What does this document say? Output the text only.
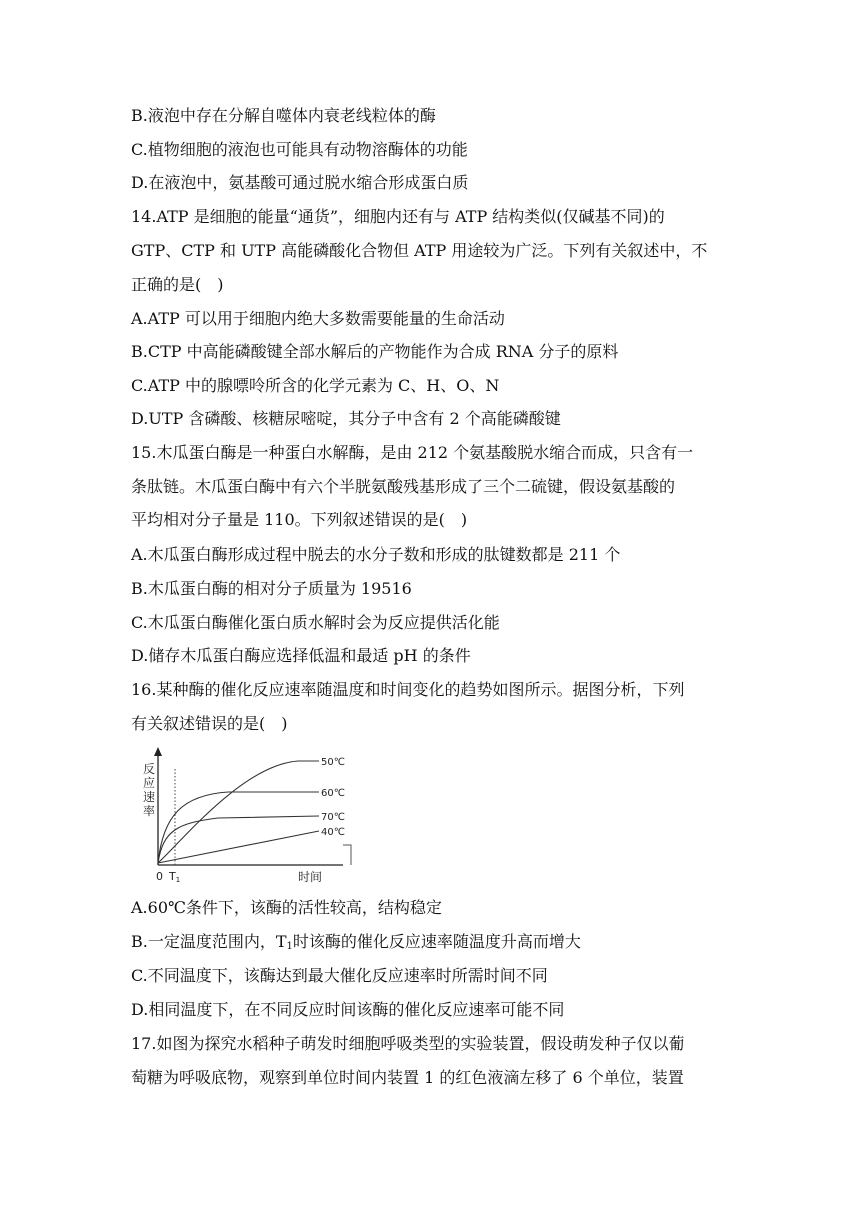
B.液泡中存在分解自噬体内衰老线粒体的酶
C.植物细胞的液泡也可能具有动物溶酶体的功能
D.在液泡中，氨基酸可通过脱水缩合形成蛋白质
14.ATP 是细胞的能量“通货”，细胞内还有与 ATP 结构类似(仅碱基不同)的
GTP、CTP 和 UTP 高能磷酸化合物但 ATP 用途较为广泛。下列有关叙述中，不
正确的是(　)
A.ATP 可以用于细胞内绝大多数需要能量的生命活动
B.CTP 中高能磷酸键全部水解后的产物能作为合成 RNA 分子的原料
C.ATP 中的腺嘌呤所含的化学元素为 C、H、O、N
D.UTP 含磷酸、核糖尿嘧啶，其分子中含有 2 个高能磷酸键
15.木瓜蛋白酶是一种蛋白水解酶，是由 212 个氨基酸脱水缩合而成，只含有一
条肽链。木瓜蛋白酶中有六个半胱氨酸残基形成了三个二硫键，假设氨基酸的
平均相对分子量是 110。下列叙述错误的是(　)
A.木瓜蛋白酶形成过程中脱去的水分子数和形成的肽键数都是 211 个
B.木瓜蛋白酶的相对分子质量为 19516
C.木瓜蛋白酶催化蛋白质水解时会为反应提供活化能
D.储存木瓜蛋白酶应选择低温和最适 pH 的条件
16.某种酶的催化反应速率随温度和时间变化的趋势如图所示。据图分析，下列
有关叙述错误的是(　)
50℃
60℃
70℃
40℃
反
应
速
率
0 T1	时间
A.60℃条件下，该酶的活性较高，结构稳定
B.一定温度范围内，$T_1$时该酶的催化反应速率随温度升高而增大
C.不同温度下，该酶达到最大催化反应速率时所需时间不同
D.相同温度下，在不同反应时间该酶的催化反应速率可能不同
17.如图为探究水稻种子萌发时细胞呼吸类型的实验装置，假设萌发种子仅以葡
萄糖为呼吸底物，观察到单位时间内装置 1 的红色液滴左移了 6 个单位，装置
